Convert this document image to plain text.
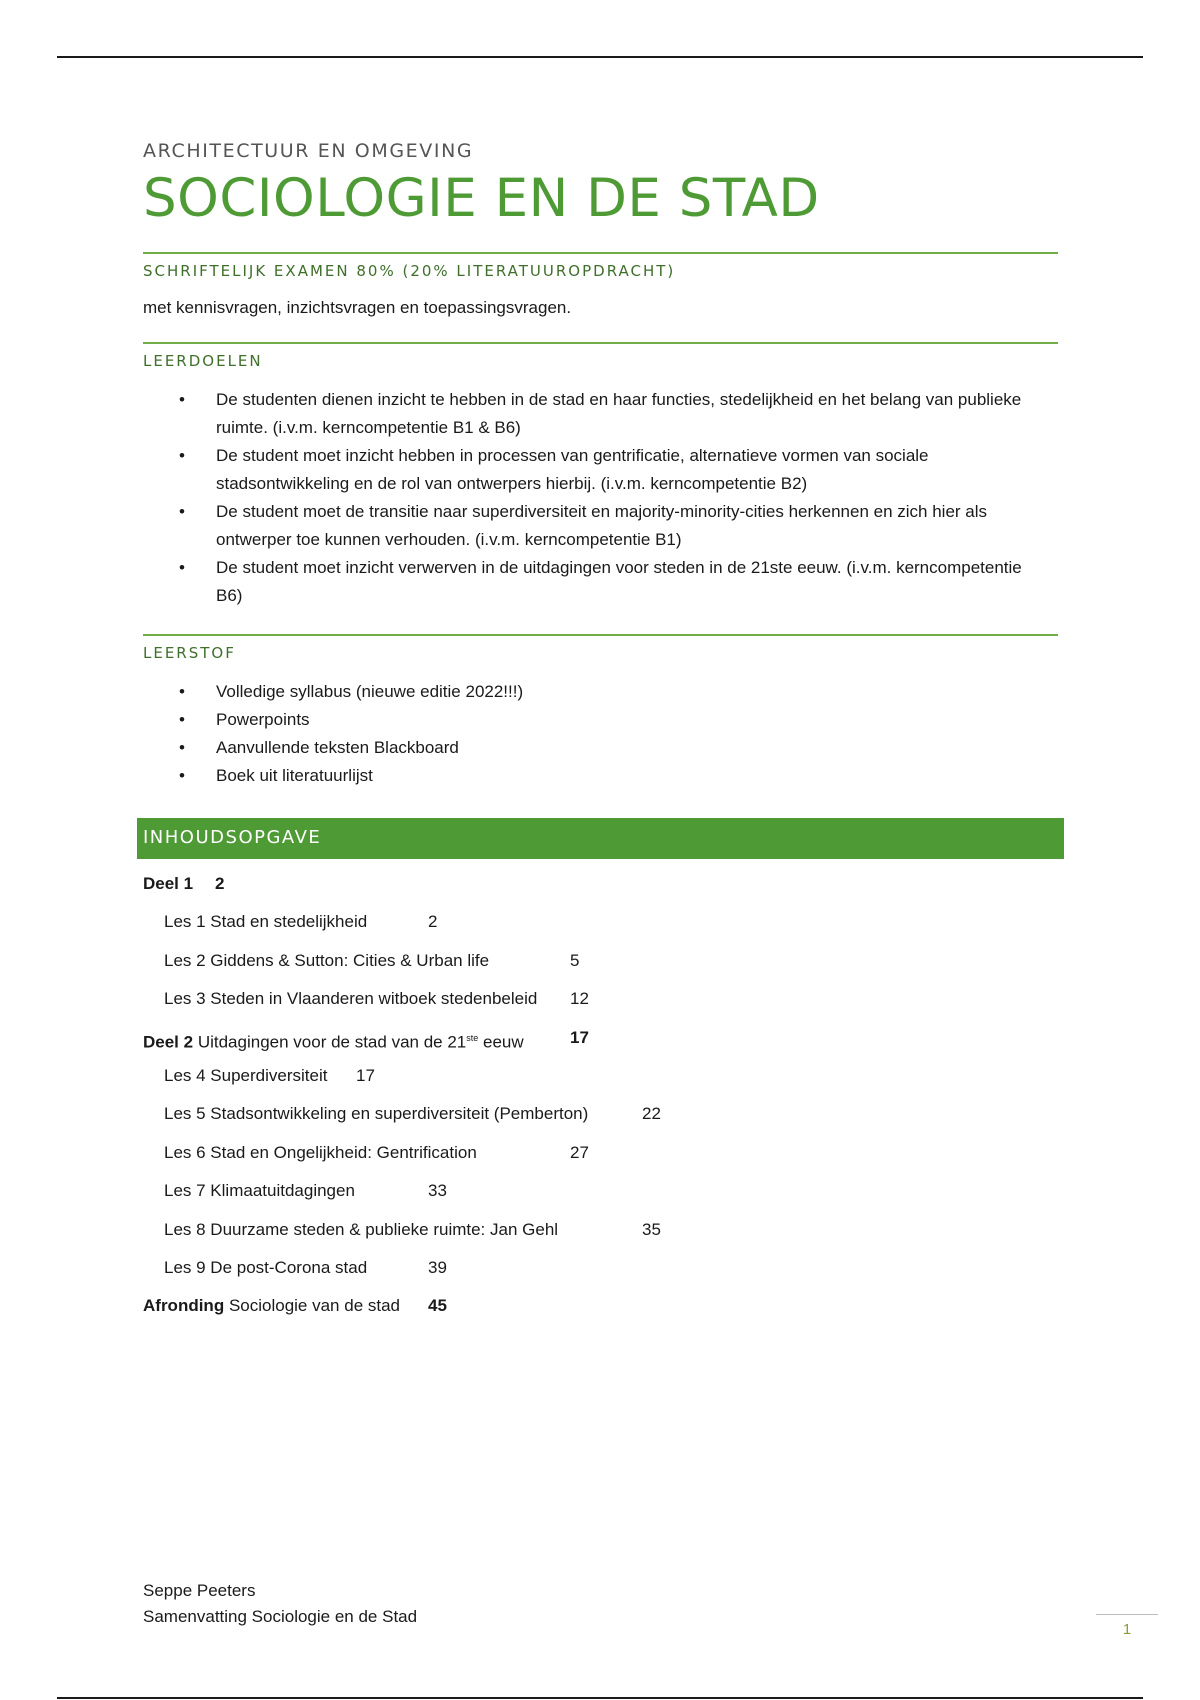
ARCHITECTUUR EN OMGEVING
SOCIOLOGIE EN DE STAD
SCHRIFTELIJK EXAMEN 80% (20% LITERATUUROPDRACHT)
met kennisvragen, inzichtsvragen en toepassingsvragen.
LEERDOELEN
• De studenten dienen inzicht te hebben in de stad en haar functies, stedelijkheid en het belang van publieke ruimte. (i.v.m. kerncompetentie B1 & B6)
• De student moet inzicht hebben in processen van gentrificatie, alternatieve vormen van sociale stadsontwikkeling en de rol van ontwerpers hierbij. (i.v.m. kerncompetentie B2)
• De student moet de transitie naar superdiversiteit en majority-minority-cities herkennen en zich hier als ontwerper toe kunnen verhouden. (i.v.m. kerncompetentie B1)
• De student moet inzicht verwerven in de uitdagingen voor steden in de 21ste eeuw. (i.v.m. kerncompetentie B6)
LEERSTOF
• Volledige syllabus (nieuwe editie 2022!!!)
• Powerpoints
• Aanvullende teksten Blackboard
• Boek uit literatuurlijst
INHOUDSOPGAVE
Deel 1 2
Les 1 Stad en stedelijkheid	2
Les 2 Giddens & Sutton: Cities & Urban life	5
Les 3 Steden in Vlaanderen witboek stedenbeleid 12
Deel 2 Uitdagingen voor de stad van de 21ste eeuw	17
Les 4 Superdiversiteit 17
Les 5 Stadsontwikkeling en superdiversiteit (Pemberton)	22
Les 6 Stad en Ongelijkheid: Gentrification	27
Les 7 Klimaatuitdagingen	33
Les 8 Duurzame steden & publieke ruimte: Jan Gehl	35
Les 9 De post-Corona stad	39
Afronding Sociologie van de stad 45
Seppe Peeters
Samenvatting Sociologie en de Stad
1
